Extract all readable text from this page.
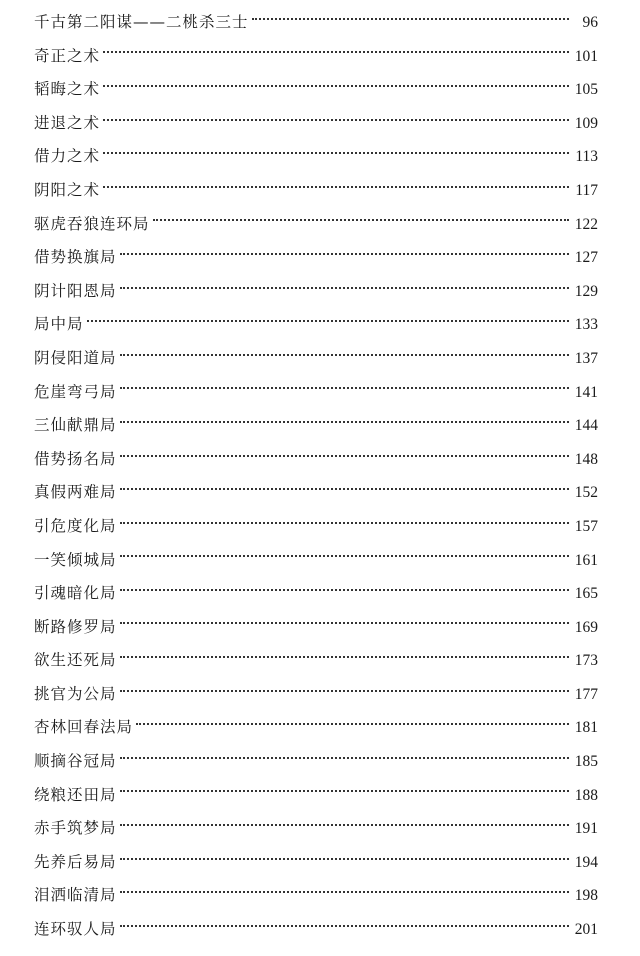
千古第二阳谋——二桃杀三士	96
奇正之术	101
韬晦之术	105
进退之术	109
借力之术	113
阴阳之术	117
驱虎吞狼连环局	122
借势换旗局	127
阴计阳恩局	129
局中局	133
阴侵阳道局	137
危崖弯弓局	141
三仙献鼎局	144
借势扬名局	148
真假两难局	152
引危度化局	157
一笑倾城局	161
引魂暗化局	165
断路修罗局	169
欲生还死局	173
挑官为公局	177
杏林回春法局	181
顺摘谷冠局	185
绕粮还田局	188
赤手筑梦局	191
先养后易局	194
泪洒临清局	198
连环驭人局	201
